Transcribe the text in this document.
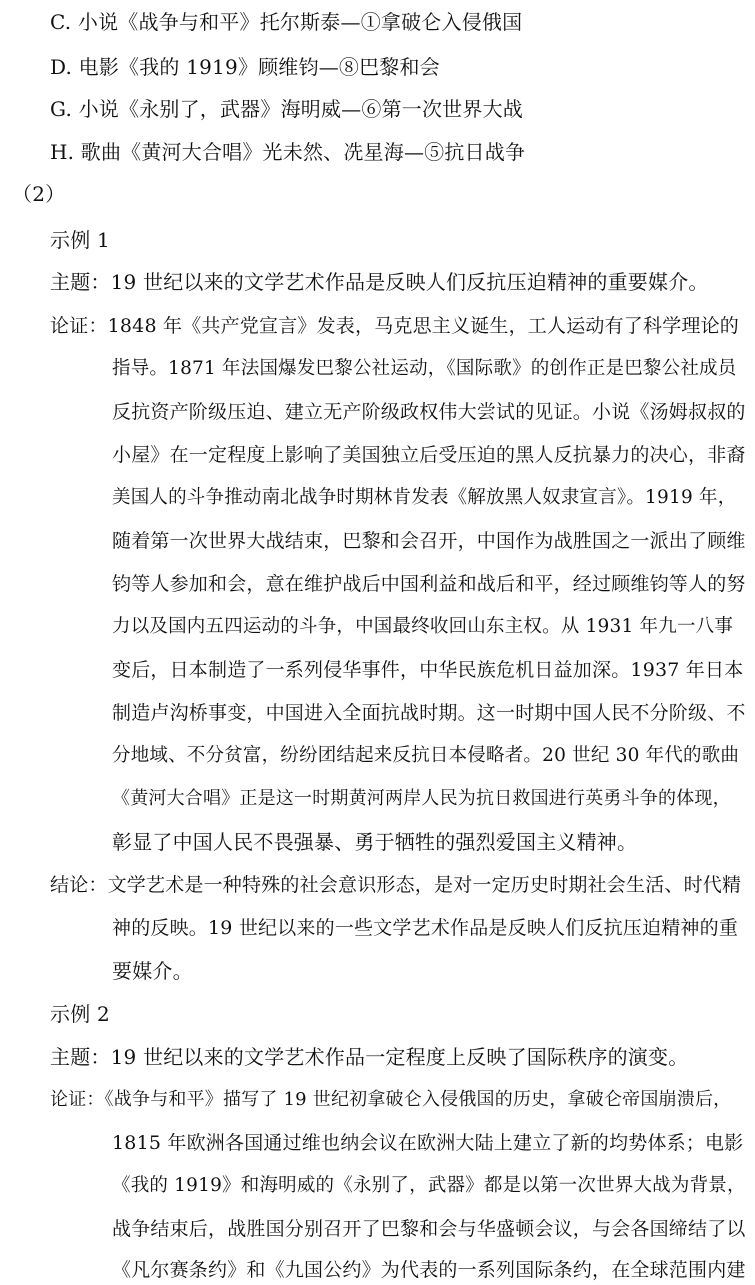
C. 小说《战争与和平》托尔斯泰—①拿破仑入侵俄国
D. 电影《我的 1919》顾维钧—⑧巴黎和会
G. 小说《永别了，武器》海明威—⑥第一次世界大战
H. 歌曲《黄河大合唱》光未然、冼星海—⑤抗日战争
（2）
示例 1
主题：19 世纪以来的文学艺术作品是反映人们反抗压迫精神的重要媒介。
论证：1848 年《共产党宣言》发表，马克思主义诞生，工人运动有了科学理论的
指导。1871 年法国爆发巴黎公社运动，《国际歌》的创作正是巴黎公社成员
反抗资产阶级压迫、建立无产阶级政权伟大尝试的见证。小说《汤姆叔叔的
小屋》在一定程度上影响了美国独立后受压迫的黑人反抗暴力的决心，非裔
美国人的斗争推动南北战争时期林肯发表《解放黑人奴隶宣言》。1919 年，
随着第一次世界大战结束，巴黎和会召开，中国作为战胜国之一派出了顾维
钧等人参加和会，意在维护战后中国利益和战后和平，经过顾维钧等人的努
力以及国内五四运动的斗争，中国最终收回山东主权。从 1931 年九一八事
变后，日本制造了一系列侵华事件，中华民族危机日益加深。1937 年日本
制造卢沟桥事变，中国进入全面抗战时期。这一时期中国人民不分阶级、不
分地域、不分贫富，纷纷团结起来反抗日本侵略者。20 世纪 30 年代的歌曲
《黄河大合唱》正是这一时期黄河两岸人民为抗日救国进行英勇斗争的体现，
彰显了中国人民不畏强暴、勇于牺牲的强烈爱国主义精神。
结论：文学艺术是一种特殊的社会意识形态，是对一定历史时期社会生活、时代精
神的反映。19 世纪以来的一些文学艺术作品是反映人们反抗压迫精神的重
要媒介。
示例 2
主题：19 世纪以来的文学艺术作品一定程度上反映了国际秩序的演变。
论证：《战争与和平》描写了 19 世纪初拿破仑入侵俄国的历史，拿破仑帝国崩溃后，
1815 年欧洲各国通过维也纳会议在欧洲大陆上建立了新的均势体系；电影
《我的 1919》和海明威的《永别了，武器》都是以第一次世界大战为背景，
战争结束后，战胜国分别召开了巴黎和会与华盛顿会议，与会各国缔结了以
《凡尔赛条约》和《九国公约》为代表的一系列国际条约，在全球范围内建
